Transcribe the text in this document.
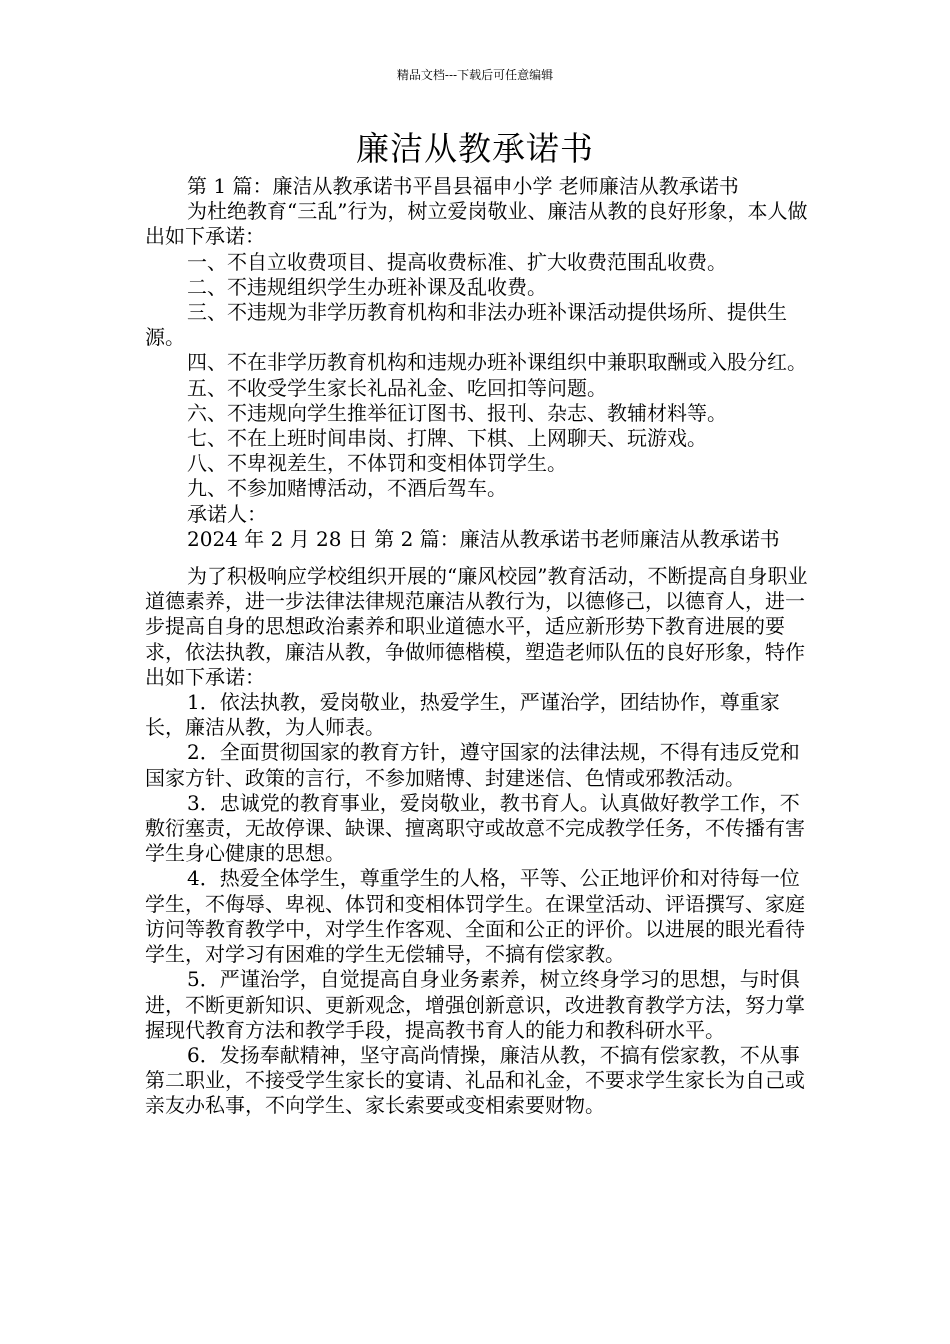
精品文档---下载后可任意编辑
廉洁从教承诺书

第 1 篇：廉洁从教承诺书平昌县福申小学 老师廉洁从教承诺书

为杜绝教育“三乱”行为，树立爱岗敬业、廉洁从教的良好形象，本人做出如下承诺：

一、不自立收费项目、提高收费标准、扩大收费范围乱收费。

二、不违规组织学生办班补课及乱收费。

三、不违规为非学历教育机构和非法办班补课活动提供场所、提供生源。

四、不在非学历教育机构和违规办班补课组织中兼职取酬或入股分红。

五、不收受学生家长礼品礼金、吃回扣等问题。

六、不违规向学生推举征订图书、报刊、杂志、教辅材料等。

七、不在上班时间串岗、打牌、下棋、上网聊天、玩游戏。

八、不卑视差生，不体罚和变相体罚学生。

九、不参加赌博活动，不酒后驾车。

承诺人：

2024 年 2 月 28 日 第 2 篇：廉洁从教承诺书老师廉洁从教承诺书

为了积极响应学校组织开展的“廉风校园”教育活动，不断提高自身职业道德素养，进一步法律法律规范廉洁从教行为，以德修己，以德育人，进一步提高自身的思想政治素养和职业道德水平，适应新形势下教育进展的要求，依法执教，廉洁从教，争做师德楷模，塑造老师队伍的良好形象，特作出如下承诺：

1．依法执教，爱岗敬业，热爱学生，严谨治学，团结协作，尊重家长，廉洁从教，为人师表。

2．全面贯彻国家的教育方针，遵守国家的法律法规，不得有违反党和国家方针、政策的言行，不参加赌博、封建迷信、色情或邪教活动。

3．忠诚党的教育事业，爱岗敬业，教书育人。认真做好教学工作，不敷衍塞责，无故停课、缺课、擅离职守或故意不完成教学任务，不传播有害学生身心健康的思想。

4．热爱全体学生，尊重学生的人格，平等、公正地评价和对待每一位学生，不侮辱、卑视、体罚和变相体罚学生。在课堂活动、评语撰写、家庭访问等教育教学中，对学生作客观、全面和公正的评价。以进展的眼光看待学生，对学习有困难的学生无偿辅导，不搞有偿家教。

5．严谨治学，自觉提高自身业务素养，树立终身学习的思想，与时俱进，不断更新知识、更新观念，增强创新意识，改进教育教学方法，努力掌握现代教育方法和教学手段，提高教书育人的能力和教科研水平。

6．发扬奉献精神，坚守高尚情操，廉洁从教，不搞有偿家教，不从事第二职业，不接受学生家长的宴请、礼品和礼金，不要求学生家长为自己或亲友办私事，不向学生、家长索要或变相索要财物。
